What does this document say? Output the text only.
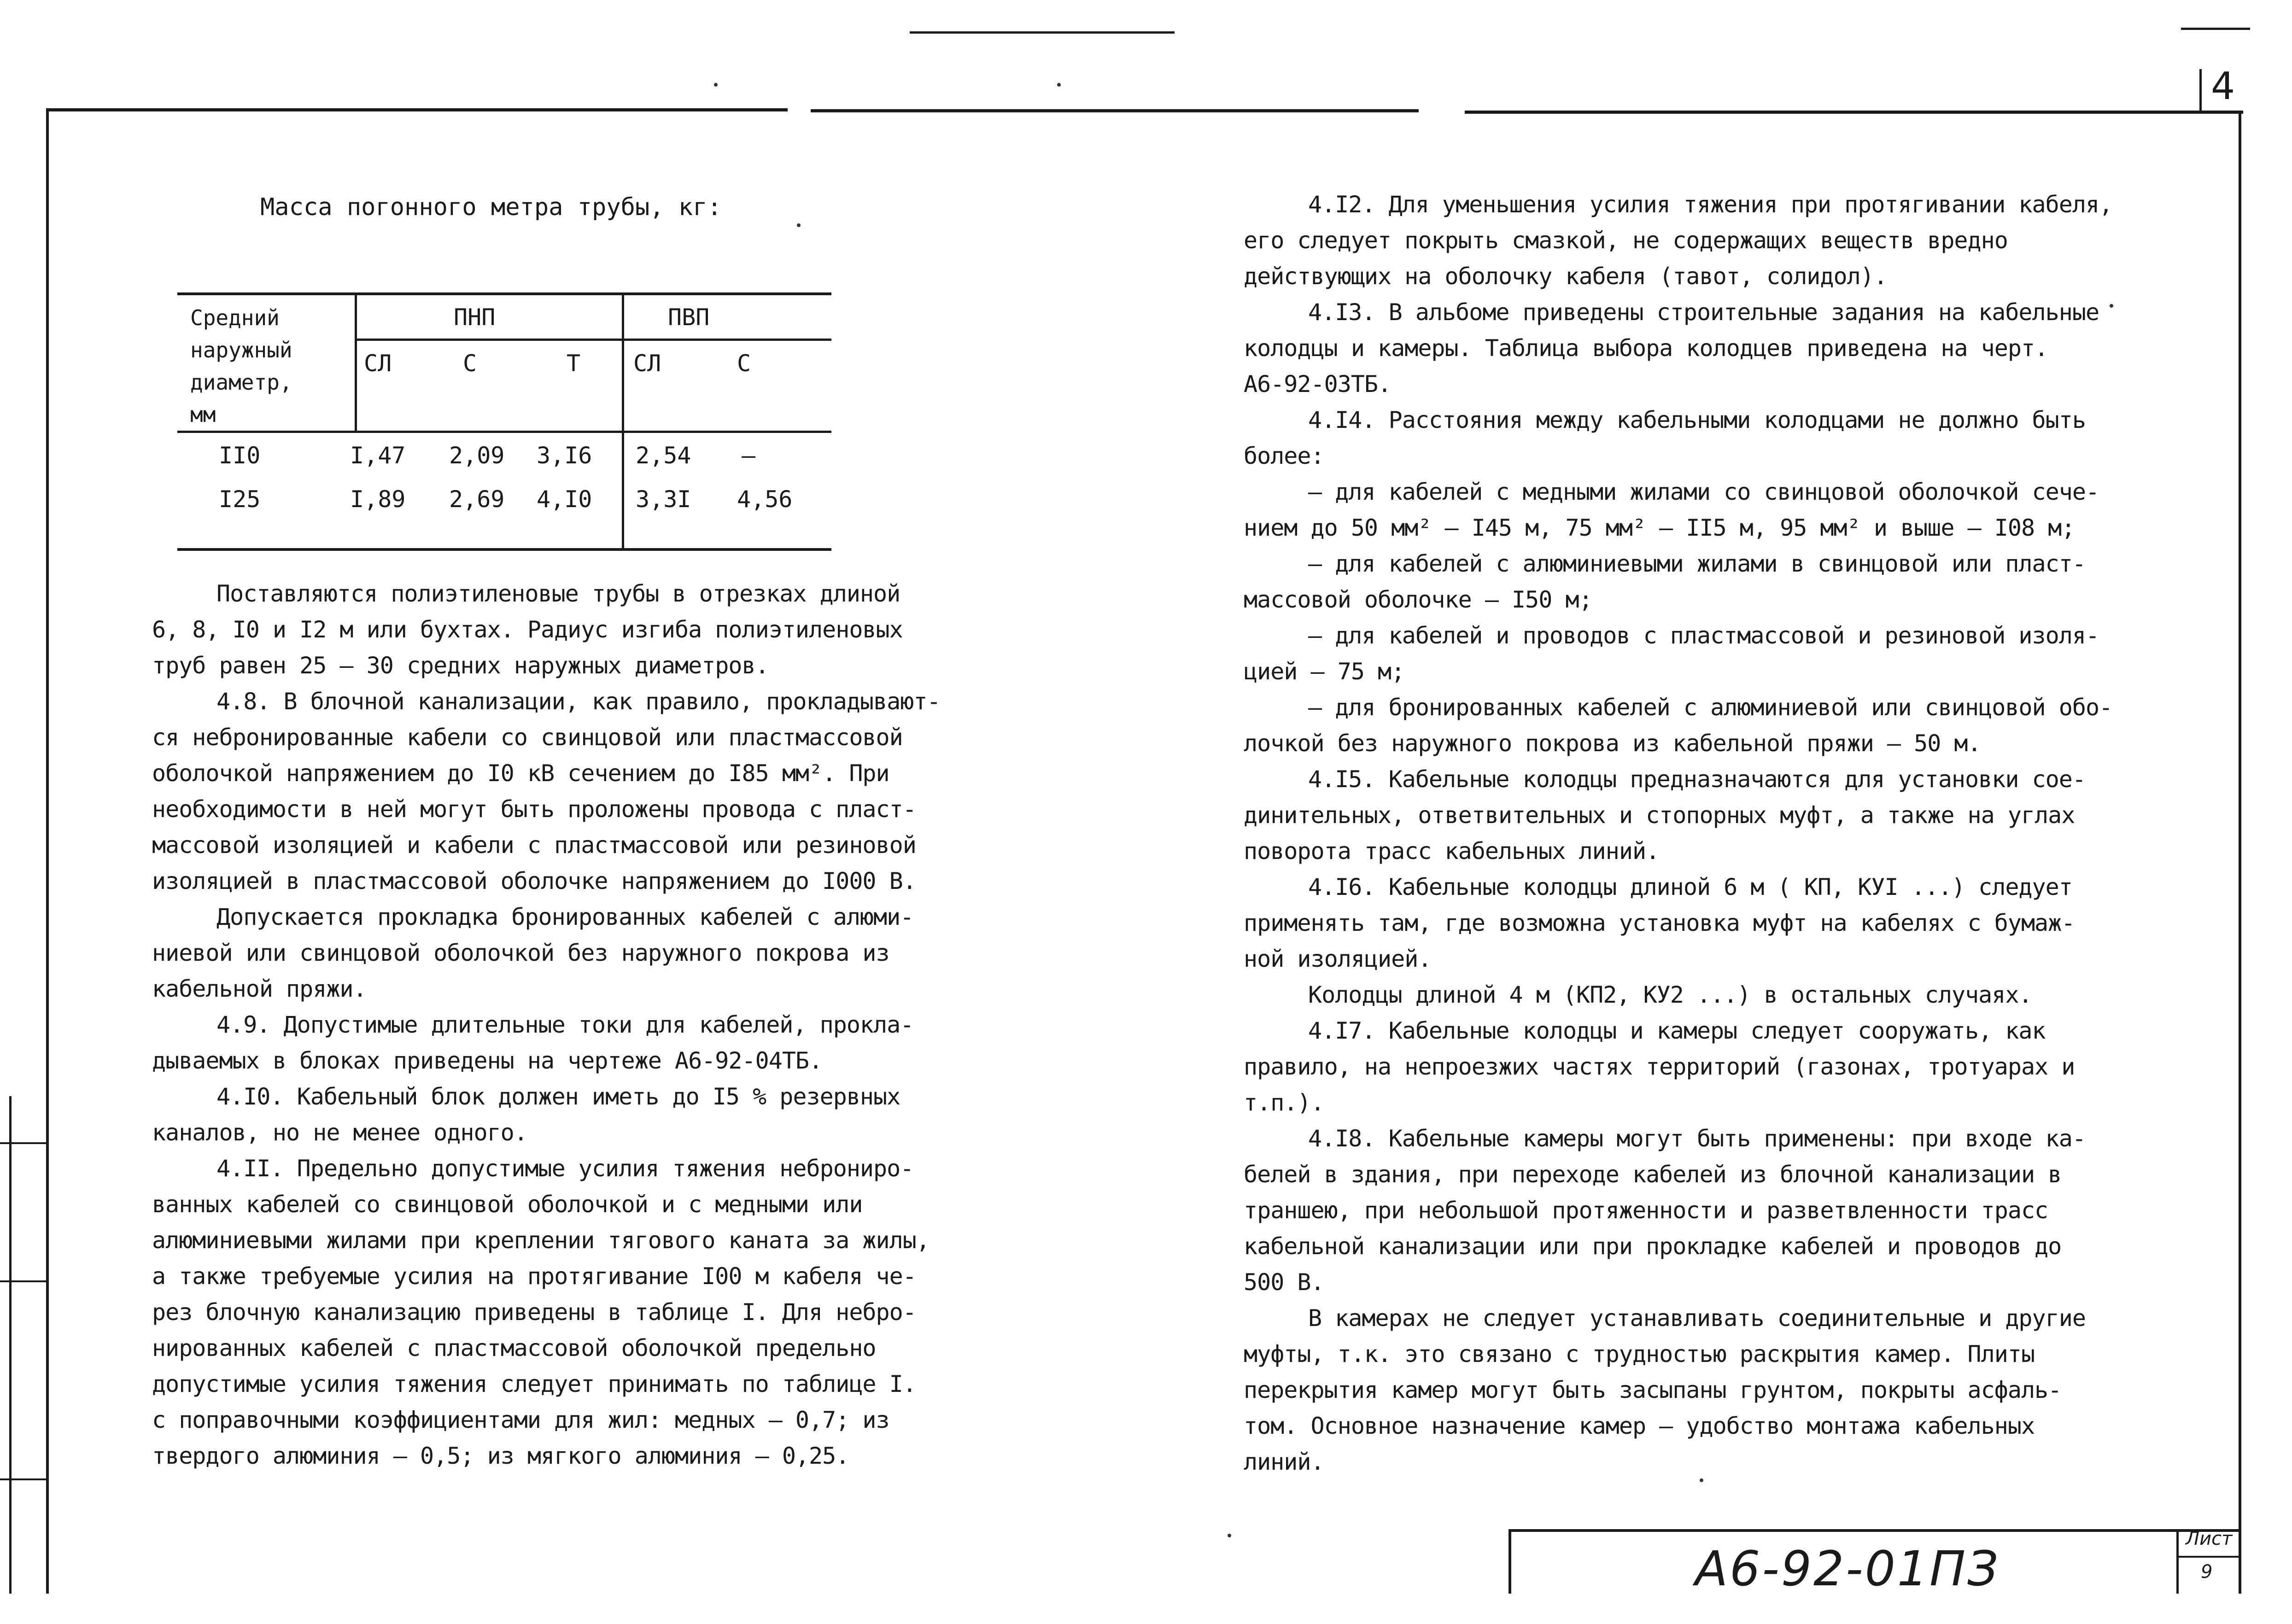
4
Масса погонного метра трубы, кг:
Средний
наружный
диаметр,
мм
ПНП	ПВП
СЛ	С	Т СЛ	С
II0	I,47 2,09 3,I6 2,54 –
I25	I,89 2,69 4,I0 3,3I 4,56

Поставляются полиэтиленовые трубы в отрезках длиной
6, 8, I0 и I2 м или бухтах. Радиус изгиба полиэтиленовых
труб равен 25 – 30 средних наружных диаметров.

4.8. В блочной канализации, как правило, прокладывают-
ся небронированные кабели со свинцовой или пластмассовой
оболочкой напряжением до I0 кВ сечением до I85 мм². При
необходимости в ней могут быть проложены провода с пласт-
массовой изоляцией и кабели с пластмассовой или резиновой
изоляцией в пластмассовой оболочке напряжением до I000 В.

Допускается прокладка бронированных кабелей с алюми-
ниевой или свинцовой оболочкой без наружного покрова из
кабельной пряжи.

4.9. Допустимые длительные токи для кабелей, прокла-
дываемых в блоках приведены на чертеже А6-92-04ТБ.

4.I0. Кабельный блок должен иметь до I5 % резервных
каналов, но не менее одного.

4.II. Предельно допустимые усилия тяжения небронирo-
ванных кабелей со свинцовой оболочкой и с медными или
алюминиевыми жилами при креплении тягового каната за жилы,
а также требуемые усилия на протягивание I00 м кабеля че-
рез блочную канализацию приведены в таблице I. Для небро-
нированных кабелей с пластмассовой оболочкой предельно
допустимые усилия тяжения следует принимать по таблице I.
с поправочными коэффициентами для жил: медных – 0,7; из
твердого алюминия – 0,5; из мягкого алюминия – 0,25.

4.I2. Для уменьшения усилия тяжения при протягивании кабеля,
его следует покрыть смазкой, не содержащих веществ вредно
действующих на оболочку кабеля (тавот, солидол).

4.I3. В альбоме приведены строительные задания на кабельные
колодцы и камеры. Таблица выбора колодцев приведена на черт.
А6-92-03ТБ.

4.I4. Расстояния между кабельными колодцами не должно быть
более:

– для кабелей с медными жилами со свинцовой оболочкой сече-
нием до 50 мм² – I45 м, 75 мм² – II5 м, 95 мм² и выше – I08 м;

– для кабелей с алюминиевыми жилами в свинцовой или пласт-
массовой оболочке – I50 м;

– для кабелей и проводов с пластмассовой и резиновой изоля-
цией – 75 м;

– для бронированных кабелей с алюминиевой или свинцовой обо-
лочкой без наружного покрова из кабельной пряжи – 50 м.

4.I5. Кабельные колодцы предназначаются для установки сое-
динительных, ответвительных и стопорных муфт, а также на углах
поворота трасс кабельных линий.

4.I6. Кабельные колодцы длиной 6 м ( КП, КУI ...) следует
применять там, где возможна установка муфт на кабелях с бумаж-
ной изоляцией.

Колодцы длиной 4 м (КП2, КУ2 ...) в остальных случаях.

4.I7. Кабельные колодцы и камеры следует сооружать, как
правило, на непроезжих частях территорий (газонах, тротуарах и
т.п.).

4.I8. Кабельные камеры могут быть применены: при входе ка-
белей в здания, при переходе кабелей из блочной канализации в
траншею, при небольшой протяженности и разветвленности трасс
кабельной канализации или при прокладке кабелей и проводов до
500 В.

В камерах не следует устанавливать соединительные и другие
муфты, т.к. это связано с трудностью раскрытия камер. Плиты
перекрытия камер могут быть засыпаны грунтом, покрыты асфаль-
том. Основное назначение камер – удобство монтажа кабельных
линий.

А6-92-01ПЗ
Лист
9
